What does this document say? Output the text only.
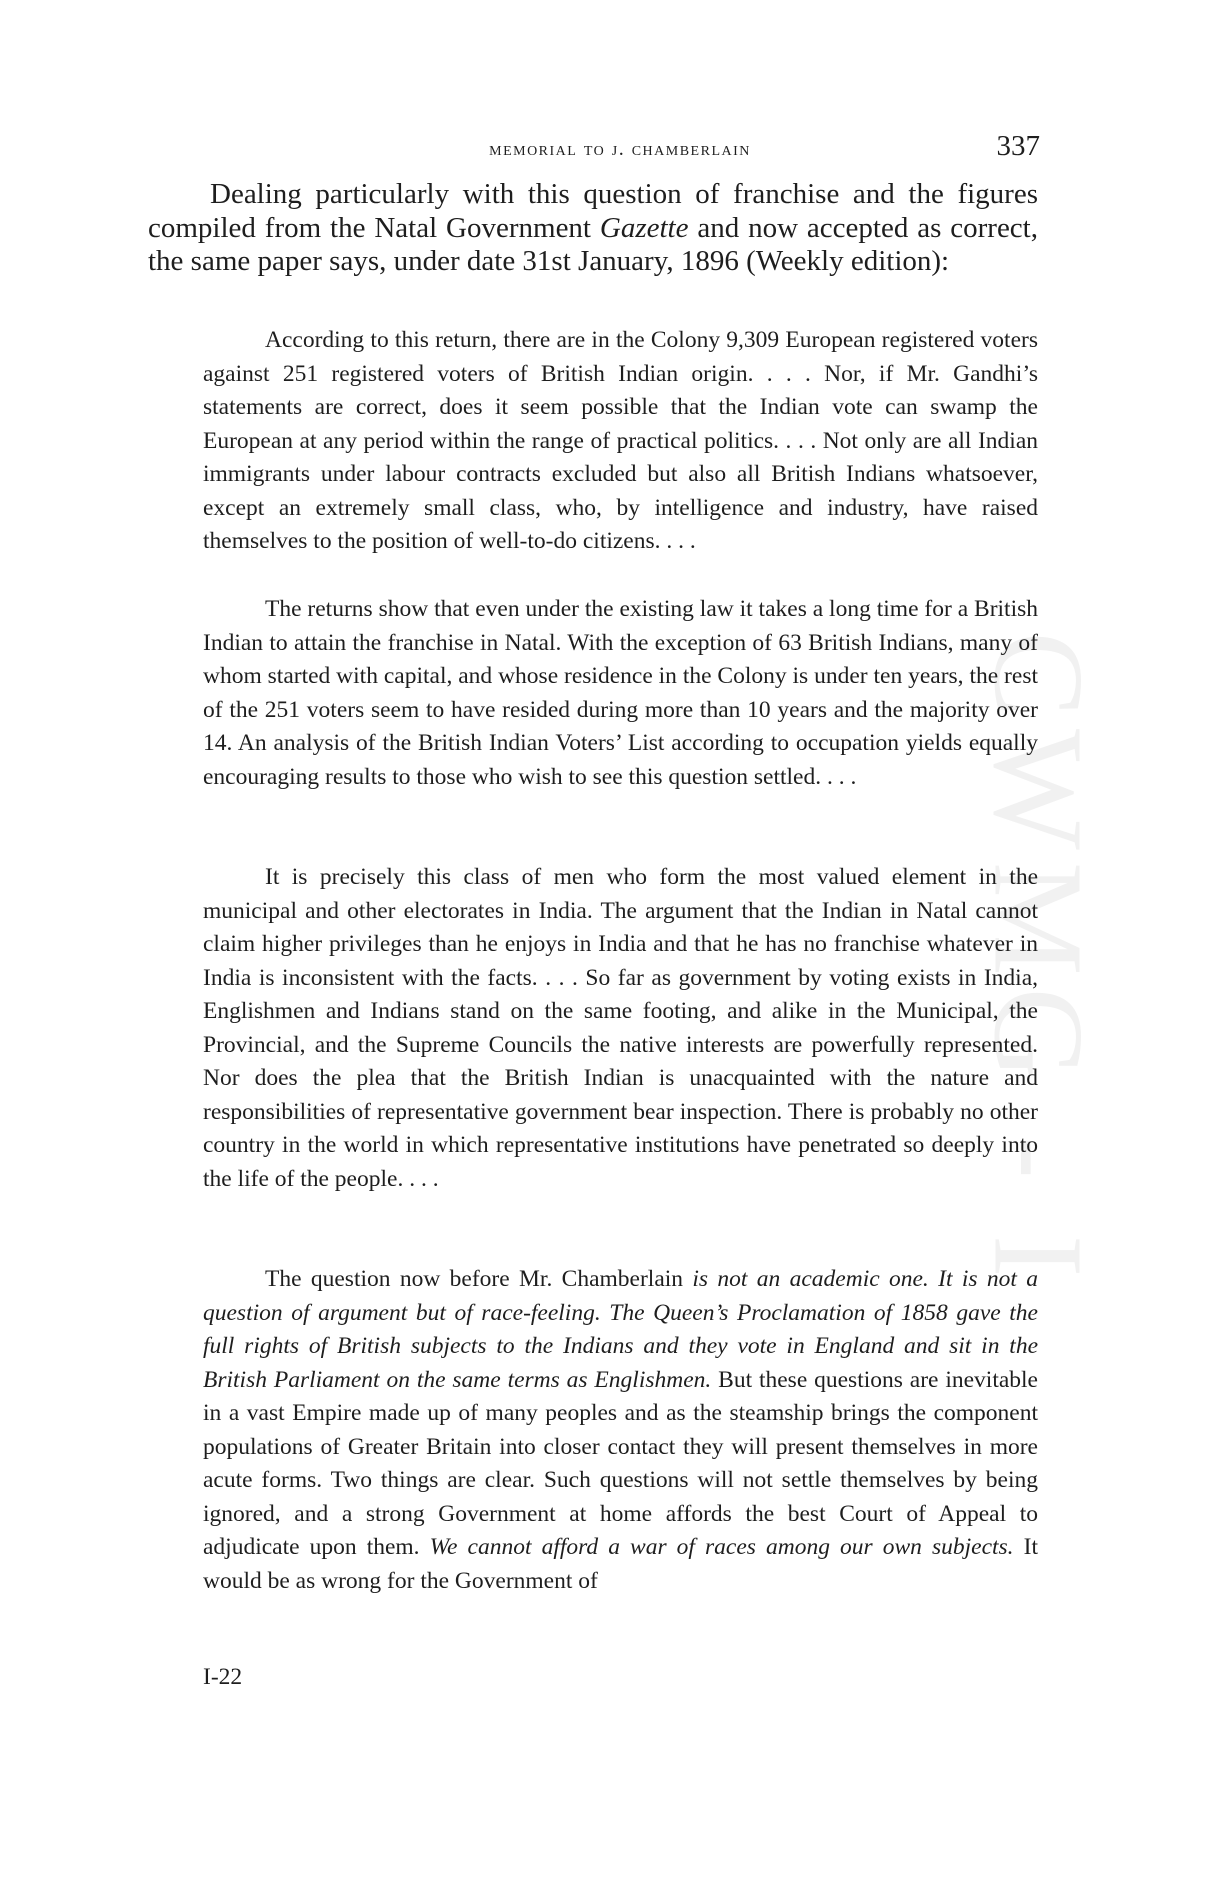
CWMG - I
memorial to j. chamberlain	337

Dealing particularly with this question of franchise and the figures compiled from the Natal Government Gazette and now accepted as correct, the same paper says, under date 31st January, 1896 (Weekly edition):

According to this return, there are in the Colony 9,309 European registered voters against 251 registered voters of British Indian origin. . . . Nor, if Mr. Gandhi’s statements are correct, does it seem possible that the Indian vote can swamp the European at any period within the range of practical politics. . . . Not only are all Indian immigrants under labour contracts excluded but also all British Indians whatsoever, except an extremely small class, who, by intelligence and industry, have raised themselves to the position of well-to-do citizens. . . .

The returns show that even under the existing law it takes a long time for a British Indian to attain the franchise in Natal. With the exception of 63 British Indians, many of whom started with capital, and whose residence in the Colony is under ten years, the rest of the 251 voters seem to have resided during more than 10 years and the majority over 14. An analysis of the British Indian Voters’ List according to occupation yields equally encouraging results to those who wish to see this question settled. . . .

It is precisely this class of men who form the most valued element in the municipal and other electorates in India. The argument that the Indian in Natal cannot claim higher privileges than he enjoys in India and that he has no franchise whatever in India is inconsistent with the facts. . . . So far as government by voting exists in India, Englishmen and Indians stand on the same footing, and alike in the Municipal, the Provincial, and the Supreme Councils the native interests are powerfully represented. Nor does the plea that the British Indian is unacquainted with the nature and responsibilities of representative government bear inspection. There is probably no other country in the world in which representative institutions have penetrated so deeply into the life of the people. . . .

The question now before Mr. Chamberlain is not an academic one. It is not a question of argument but of race-feeling. The Queen’s Proclamation of 1858 gave the full rights of British subjects to the Indians and they vote in England and sit in the British Parliament on the same terms as Englishmen. But these questions are inevitable in a vast Empire made up of many peoples and as the steamship brings the component populations of Greater Britain into closer contact they will present themselves in more acute forms. Two things are clear. Such questions will not settle themselves by being ignored, and a strong Government at home affords the best Court of Appeal to adjudicate upon them. We cannot afford a war of races among our own subjects. It would be as wrong for the Government of

I-22
